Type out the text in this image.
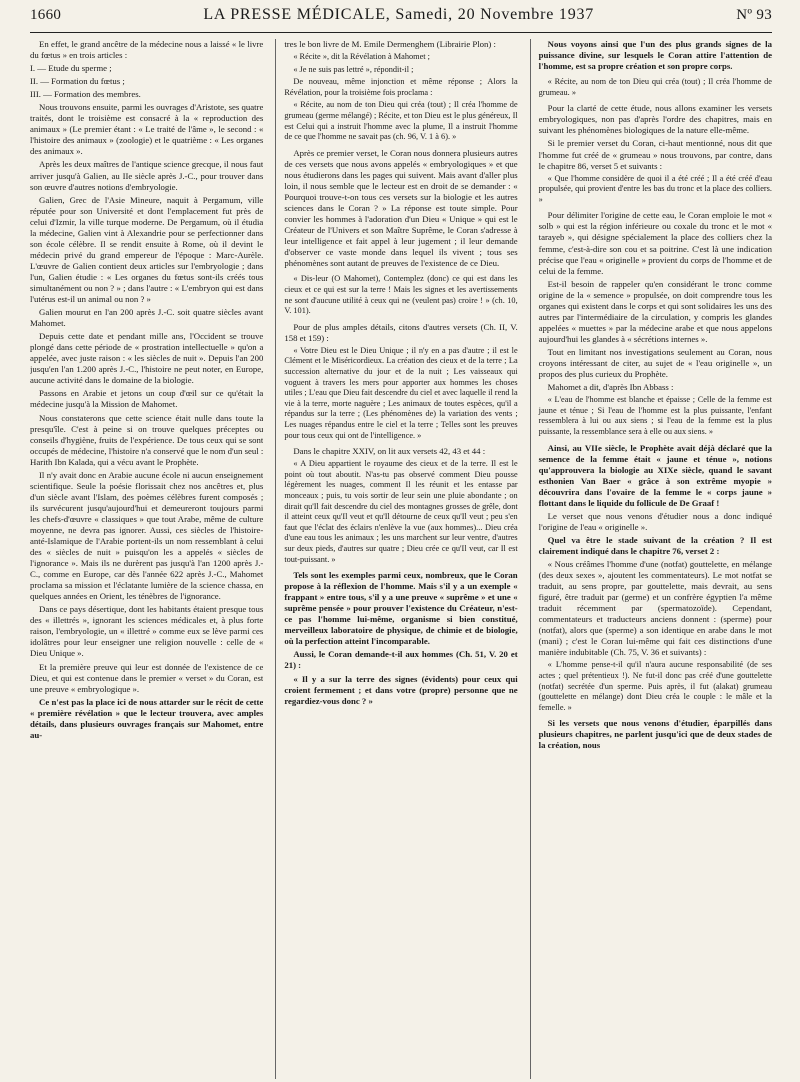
1660	LA PRESSE MÉDICALE, Samedi, 20 Novembre 1937	Nº 93

En effet, le grand ancêtre de la médecine nous a laissé « le livre du fœtus » en trois articles :

I. — Etude du sperme ;

II. — Formation du fœtus ;

III. — Formation des membres.

Nous trouvons ensuite, parmi les ouvrages d'Aristote, ses quatre traités, dont le troisième est consacré à la « reproduction des animaux » (Le premier étant : « Le traité de l'âme », le second : « l'histoire des animaux » (zoologie) et le quatrième : « Les organes des animaux ».

Après les deux maîtres de l'antique science grecque, il nous faut arriver jusqu'à Galien, au IIe siècle après J.-C., pour trouver dans son œuvre d'autres notions d'embryologie.

Galien, Grec de l'Asie Mineure, naquit à Pergamum, ville réputée pour son Université et dont l'emplacement fut près de celui d'Izmir, la ville turque moderne. De Pergamum, où il étudia la médecine, Galien vint à Alexandrie pour se perfectionner dans son école célèbre. Il se rendit ensuite à Rome, où il devint le médecin privé du grand empereur de l'époque : Marc-Aurèle. L'œuvre de Galien contient deux articles sur l'embryologie ; dans l'un, Galien étudie : « Les organes du fœtus sont-ils créés tous simultanément ou non ? » ; dans l'autre : « L'embryon qui est dans l'utérus est-il un animal ou non ? »

Galien mourut en l'an 200 après J.-C. soit quatre siècles avant Mahomet.

Depuis cette date et pendant mille ans, l'Occident se trouve plongé dans cette période de « prostration intellectuelle » qu'on a appelée, avec juste raison : « les siècles de nuit ». Depuis l'an 200 jusqu'en l'an 1.200 après J.-C., l'histoire ne peut noter, en Europe, aucune activité dans le domaine de la biologie.

Passons en Arabie et jetons un coup d'œil sur ce qu'était la médecine jusqu'à la Mission de Mahomet.

Nous constaterons que cette science était nulle dans toute la presqu'île. C'est à peine si on trouve quelques préceptes ou conseils d'hygiène, fruits de l'expérience. De tous ceux qui se sont occupés de médecine, l'histoire n'a conservé que le nom d'un seul : Harith Ibn Kalada, qui a vécu avant le Prophète.

Il n'y avait donc en Arabie aucune école ni aucun enseignement scientifique. Seule la poésie florissait chez nos ancêtres et, plus d'un siècle avant l'Islam, des poèmes célèbres furent composés ; ils survécurent jusqu'aujourd'hui et demeureront toujours parmi les chefs-d'œuvre « classiques » que tout Arabe, même de culture moyenne, ne devra pas ignorer. Aussi, ces siècles de l'histoire-anté-Islamique de l'Arabie portent-ils un nom ressemblant à celui des « siècles de nuit » puisqu'on les a appelés « siècles de l'ignorance ». Mais ils ne durèrent pas jusqu'à l'an 1200 après J.-C., comme en Europe, car dès l'année 622 après J.-C., Mahomet proclama sa mission et l'éclatante lumière de la science chassa, en quelques années en Orient, les ténèbres de l'ignorance.

Dans ce pays désertique, dont les habitants étaient presque tous des « illettrés », ignorant les sciences médicales et, à plus forte raison, l'embryologie, un « illettré » comme eux se lève parmi ces idolâtres pour leur enseigner une religion nouvelle : celle de « Dieu Unique ».

Et la première preuve qui leur est donnée de l'existence de ce Dieu, et qui est contenue dans le premier « verset » du Coran, est une preuve « embryologique ».

Ce n'est pas la place ici de nous attarder sur le récit de cette « première révélation » que le lecteur trouvera, avec amples détails, dans plusieurs ouvrages français sur Mahomet, entre au-

tres le bon livre de M. Emile Dermenghem (Librairie Plon) :

« Récite », dit la Révélation à Mahomet ;

« Je ne suis pas lettré », répondit-il ;

De nouveau, même injonction et même réponse ; Alors la Révélation, pour la troisième fois proclama :

« Récite, au nom de ton Dieu qui créa (tout) ; Il créa l'homme de grumeau (germe mélangé) ; Récite, et ton Dieu est le plus généreux, Il est Celui qui a instruit l'homme avec la plume, Il a instruit l'homme de ce que l'homme ne savait pas (ch. 96, V. 1 à 6). »

Après ce premier verset, le Coran nous donnera plusieurs autres de ces versets que nous avons appelés « embryologiques » et que nous étudierons dans les pages qui suivent. Mais avant d'aller plus loin, il nous semble que le lecteur est en droit de se demander : « Pourquoi trouve-t-on tous ces versets sur la biologie et les autres sciences dans le Coran ? » La réponse est toute simple. Pour convier les hommes à l'adoration d'un Dieu « Unique » qui est le Créateur de l'Univers et son Maître Suprême, le Coran s'adresse à leur intelligence et fait appel à leur jugement ; il leur demande d'observer ce vaste monde dans lequel ils vivent ; tous ses phénomènes sont autant de preuves de l'existence de ce Dieu.

« Dis-leur (O Mahomet), Contemplez (donc) ce qui est dans les cieux et ce qui est sur la terre ! Mais les signes et les avertissements ne sont d'aucune utilité à ceux qui ne (veulent pas) croire ! » (ch. 10, V. 101).

Pour de plus amples détails, citons d'autres versets (Ch. II, V. 158 et 159) :

« Votre Dieu est le Dieu Unique ; il n'y en a pas d'autre ; il est le Clément et le Miséricordieux. La création des cieux et de la terre ; La succession alternative du jour et de la nuit ; Les vaisseaux qui voguent à travers les mers pour apporter aux hommes les choses utiles ; L'eau que Dieu fait descendre du ciel et avec laquelle il rend la vie à la terre, morte naguère ; Les animaux de toutes espèces, qu'il a répandus sur la terre ; (Les phénomènes de) la variation des vents ; Les nuages répandus entre le ciel et la terre ; Telles sont les preuves pour tous ceux qui ont de l'intelligence. »

Dans le chapitre XXIV, on lit aux versets 42, 43 et 44 :

« A Dieu appartient le royaume des cieux et de la terre. Il est le point où tout aboutit. N'as-tu pas observé comment Dieu pousse légèrement les nuages, comment Il les réunit et les entasse par monceaux ; puis, tu vois sortir de leur sein une pluie abondante ; on dirait qu'Il fait descendre du ciel des montagnes grosses de grêle, dont il atteint ceux qu'Il veut et qu'Il détourne de ceux qu'Il veut ; peu s'en faut que l'éclat des éclairs n'enlève la vue (aux hommes)... Dieu créa d'une eau tous les animaux ; les uns marchent sur leur ventre, d'autres sur deux pieds, d'autres sur quatre ; Dieu crée ce qu'Il veut, car Il est tout-puissant. »

Tels sont les exemples parmi ceux, nombreux, que le Coran propose à la réflexion de l'homme. Mais s'il y a un exemple « frappant » entre tous, s'il y a une preuve « suprême » et une « suprême pensée » pour prouver l'existence du Créateur, n'est-ce pas l'homme lui-même, organisme si bien constitué, merveilleux laboratoire de physique, de chimie et de biologie, où la perfection atteint l'incomparable.

Aussi, le Coran demande-t-il aux hommes (Ch. 51, V. 20 et 21) :

« Il y a sur la terre des signes (évidents) pour ceux qui croient fermement ; et dans votre (propre) personne que ne regardiez-vous donc ? »

Nous voyons ainsi que l'un des plus grands signes de la puissance divine, sur lesquels le Coran attire l'attention de l'homme, est sa propre création et son propre corps.

« Récite, au nom de ton Dieu qui créa (tout) ; Il créa l'homme de grumeau. »

Pour la clarté de cette étude, nous allons examiner les versets embryologiques, non pas d'après l'ordre des chapitres, mais en suivant les phénomènes biologiques de la nature elle-même.

Si le premier verset du Coran, ci-haut mentionné, nous dit que l'homme fut créé de « grumeau » nous trouvons, par contre, dans le chapitre 86, verset 5 et suivants :

« Que l'homme considère de quoi il a été créé ; Il a été créé d'eau propulsée, qui provient d'entre les bas du tronc et la place des colliers. »

Pour délimiter l'origine de cette eau, le Coran emploie le mot « solb » qui est la région inférieure ou coxale du tronc et le mot « tarayeb », qui désigne spécialement la place des colliers chez la femme, c'est-à-dire son cou et sa poitrine. C'est là une indication précise que l'eau « originelle » provient du corps de l'homme et de celui de la femme.

Est-il besoin de rappeler qu'en considérant le tronc comme origine de la « semence » propulsée, on doit comprendre tous les organes qui existent dans le corps et qui sont solidaires les uns des autres par l'intermédiaire de la circulation, y compris les glandes appelées « muettes » par la médecine arabe et que nous appelons aujourd'hui les glandes à « sécrétions internes ».

Tout en limitant nos investigations seulement au Coran, nous croyons intéressant de citer, au sujet de « l'eau originelle », un propos des plus curieux du Prophète.

Mahomet a dit, d'après Ibn Abbass :

« L'eau de l'homme est blanche et épaisse ; Celle de la femme est jaune et ténue ; Si l'eau de l'homme est la plus puissante, l'enfant ressemblera à lui ou aux siens ; si l'eau de la femme est la plus puissante, la ressemblance sera à elle ou aux siens. »

Ainsi, au VIIe siècle, le Prophète avait déjà déclaré que la semence de la femme était « jaune et ténue », notions qu'approuvera la biologie au XIXe siècle, quand le savant esthonien Van Baer « grâce à son extrême myopie » découvrira dans l'ovaire de la femme le « corps jaune » flottant dans le liquide du follicule de De Graaf !

Le verset que nous venons d'étudier nous a donc indiqué l'origine de l'eau « originelle ».

Quel va être le stade suivant de la création ? Il est clairement indiqué dans le chapitre 76, verset 2 :

« Nous créâmes l'homme d'une (notfat) gouttelette, en mélange (des deux sexes », ajoutent les commentateurs). Le mot notfat se traduit, au sens propre, par gouttelette, mais devrait, au sens figuré, être traduit par (germe) et un confrère égyptien l'a même traduit récemment par (spermatozoïde). Cependant, commentateurs et traducteurs anciens donnent : (sperme) pour (notfat), alors que (sperme) a son identique en arabe dans le mot (mani) ; c'est le Coran lui-même qui fait ces distinctions d'une manière indubitable (Ch. 75, V. 36 et suivants) :

« L'homme pense-t-il qu'il n'aura aucune responsabilité (de ses actes ; quel prétentieux !). Ne fut-il donc pas créé d'une gouttelette (notfat) secrétée d'un sperme. Puis après, il fut (alakat) grumeau (gouttelette en mélange) dont Dieu créa le couple : le mâle et la femelle. »

Si les versets que nous venons d'étudier, éparpillés dans plusieurs chapitres, ne parlent jusqu'ici que de deux stades de la création, nous
